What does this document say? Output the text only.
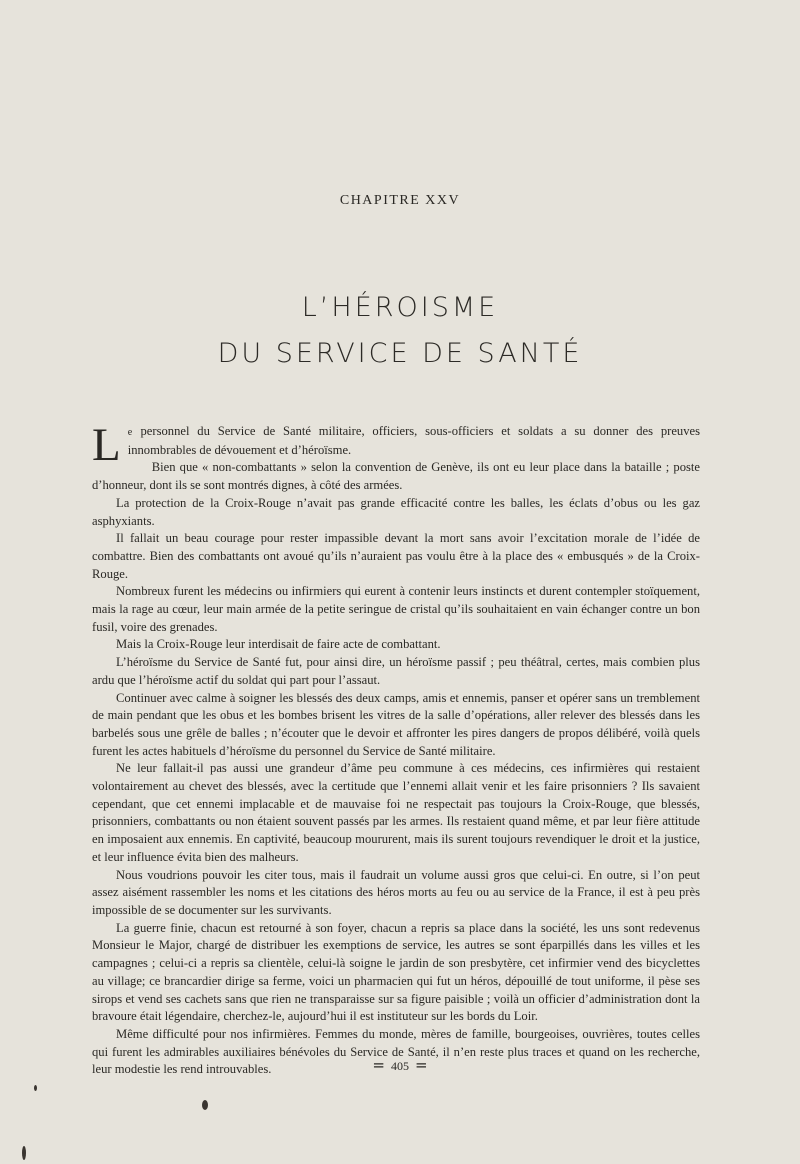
CHAPITRE XXV
L’HÉROISME
DU SERVICE DE SANTÉ

Le personnel du Service de Santé militaire, officiers, sous-officiers et soldats a su donner des preuves innombrables de dévouement et d’héroïsme.

Bien que « non-combattants » selon la convention de Genève, ils ont eu leur place dans la bataille ; poste d’honneur, dont ils se sont montrés dignes, à côté des armées.

La protection de la Croix-Rouge n’avait pas grande efficacité contre les balles, les éclats d’obus ou les gaz asphyxiants.

Il fallait un beau courage pour rester impassible devant la mort sans avoir l’excitation morale de l’idée de combattre. Bien des combattants ont avoué qu’ils n’auraient pas voulu être à la place des « embusqués » de la Croix-Rouge.

Nombreux furent les médecins ou infirmiers qui eurent à contenir leurs instincts et durent contempler stoïquement, mais la rage au cœur, leur main armée de la petite seringue de cristal qu’ils souhaitaient en vain échanger contre un bon fusil, voire des grenades.

Mais la Croix-Rouge leur interdisait de faire acte de combattant.

L’héroïsme du Service de Santé fut, pour ainsi dire, un héroïsme passif ; peu théâtral, certes, mais combien plus ardu que l’héroïsme actif du soldat qui part pour l’assaut.

Continuer avec calme à soigner les blessés des deux camps, amis et ennemis, panser et opérer sans un tremblement de main pendant que les obus et les bombes brisent les vitres de la salle d’opérations, aller relever des blessés dans les barbelés sous une grêle de balles ; n’écouter que le devoir et affronter les pires dangers de propos délibéré, voilà quels furent les actes habituels d’héroïsme du personnel du Service de Santé militaire.

Ne leur fallait-il pas aussi une grandeur d’âme peu commune à ces médecins, ces infirmières qui restaient volontairement au chevet des blessés, avec la certitude que l’ennemi allait venir et les faire prisonniers ? Ils savaient cependant, que cet ennemi implacable et de mauvaise foi ne respectait pas toujours la Croix-Rouge, que blessés, prisonniers, combattants ou non étaient souvent passés par les armes. Ils restaient quand même, et par leur fière attitude en imposaient aux ennemis. En captivité, beaucoup moururent, mais ils surent toujours revendiquer le droit et la justice, et leur influence évita bien des malheurs.

Nous voudrions pouvoir les citer tous, mais il faudrait un volume aussi gros que celui-ci. En outre, si l’on peut assez aisément rassembler les noms et les citations des héros morts au feu ou au service de la France, il est à peu près impossible de se documenter sur les survivants.

La guerre finie, chacun est retourné à son foyer, chacun a repris sa place dans la société, les uns sont redevenus Monsieur le Major, chargé de distribuer les exemptions de service, les autres se sont éparpillés dans les villes et les campagnes ; celui-ci a repris sa clientèle, celui-là soigne le jardin de son presbytère, cet infirmier vend des bicyclettes au village; ce brancardier dirige sa ferme, voici un pharmacien qui fut un héros, dépouillé de tout uniforme, il pèse ses sirops et vend ses cachets sans que rien ne transparaisse sur sa figure paisible ; voilà un officier d’administration dont la bravoure était légendaire, cherchez-le, aujourd’hui il est instituteur sur les bords du Loir.

Même difficulté pour nos infirmières. Femmes du monde, mères de famille, bourgeoises, ouvrières, toutes celles qui furent les admirables auxiliaires bénévoles du Service de Santé, il n’en reste plus traces et quand on les recherche, leur modestie les rend introuvables.	= 405 =
